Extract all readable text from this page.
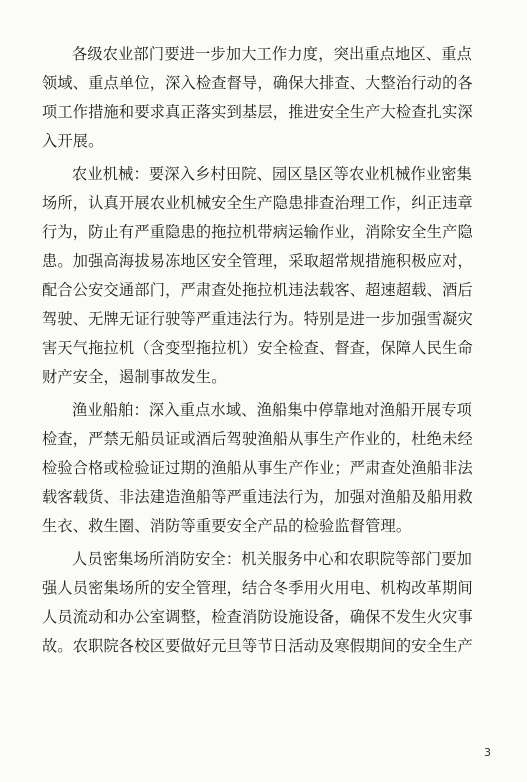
各级农业部门要进一步加大工作力度，突出重点地区、重点
领域、重点单位，深入检查督导，确保大排查、大整治行动的各
项工作措施和要求真正落实到基层，推进安全生产大检查扎实深
入开展。

农业机械：要深入乡村田院、园区垦区等农业机械作业密集
场所，认真开展农业机械安全生产隐患排查治理工作，纠正违章
行为，防止有严重隐患的拖拉机带病运输作业，消除安全生产隐
患。加强高海拔易冻地区安全管理，采取超常规措施积极应对，
配合公安交通部门，严肃查处拖拉机违法载客、超速超载、酒后
驾驶、无牌无证行驶等严重违法行为。特别是进一步加强雪凝灾
害天气拖拉机（含变型拖拉机）安全检查、督查，保障人民生命
财产安全，遏制事故发生。

渔业船舶：深入重点水域、渔船集中停靠地对渔船开展专项
检查，严禁无船员证或酒后驾驶渔船从事生产作业的，杜绝未经
检验合格或检验证过期的渔船从事生产作业；严肃查处渔船非法
载客载货、非法建造渔船等严重违法行为，加强对渔船及船用救
生衣、救生圈、消防等重要安全产品的检验监督管理。

人员密集场所消防安全：机关服务中心和农职院等部门要加
强人员密集场所的安全管理，结合冬季用火用电、机构改革期间
人员流动和办公室调整，检查消防设施设备，确保不发生火灾事
故。农职院各校区要做好元旦等节日活动及寒假期间的安全生产

3
